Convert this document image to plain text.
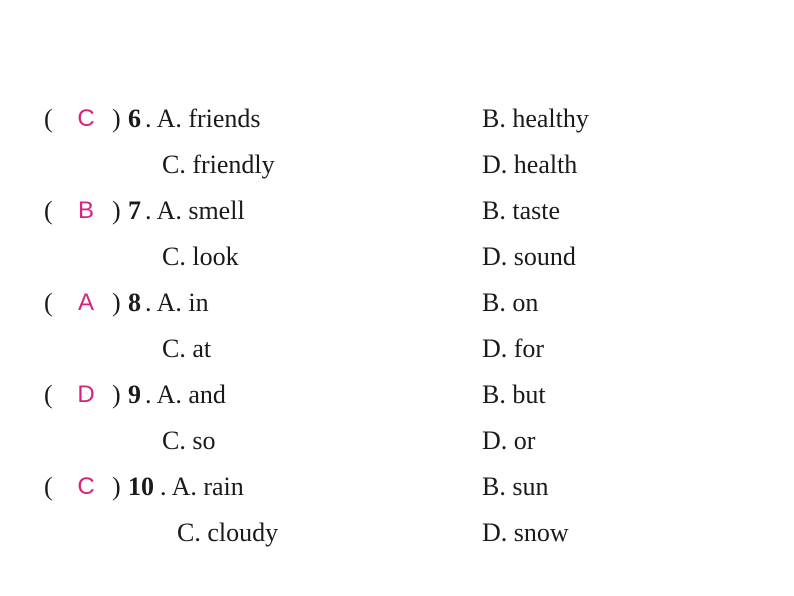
(	C ) 6 . A. friends	B. healthy
C. friendly	D. health
(	B ) 7 . A. smell	B. taste
C. look	D. sound
(	A ) 8 . A. in	B. on
C. at	D. for
(	D ) 9 . A. and	B. but
C. so	D. or
(	C ) 10 . A. rain	B. sun
C. cloudy	D. snow
